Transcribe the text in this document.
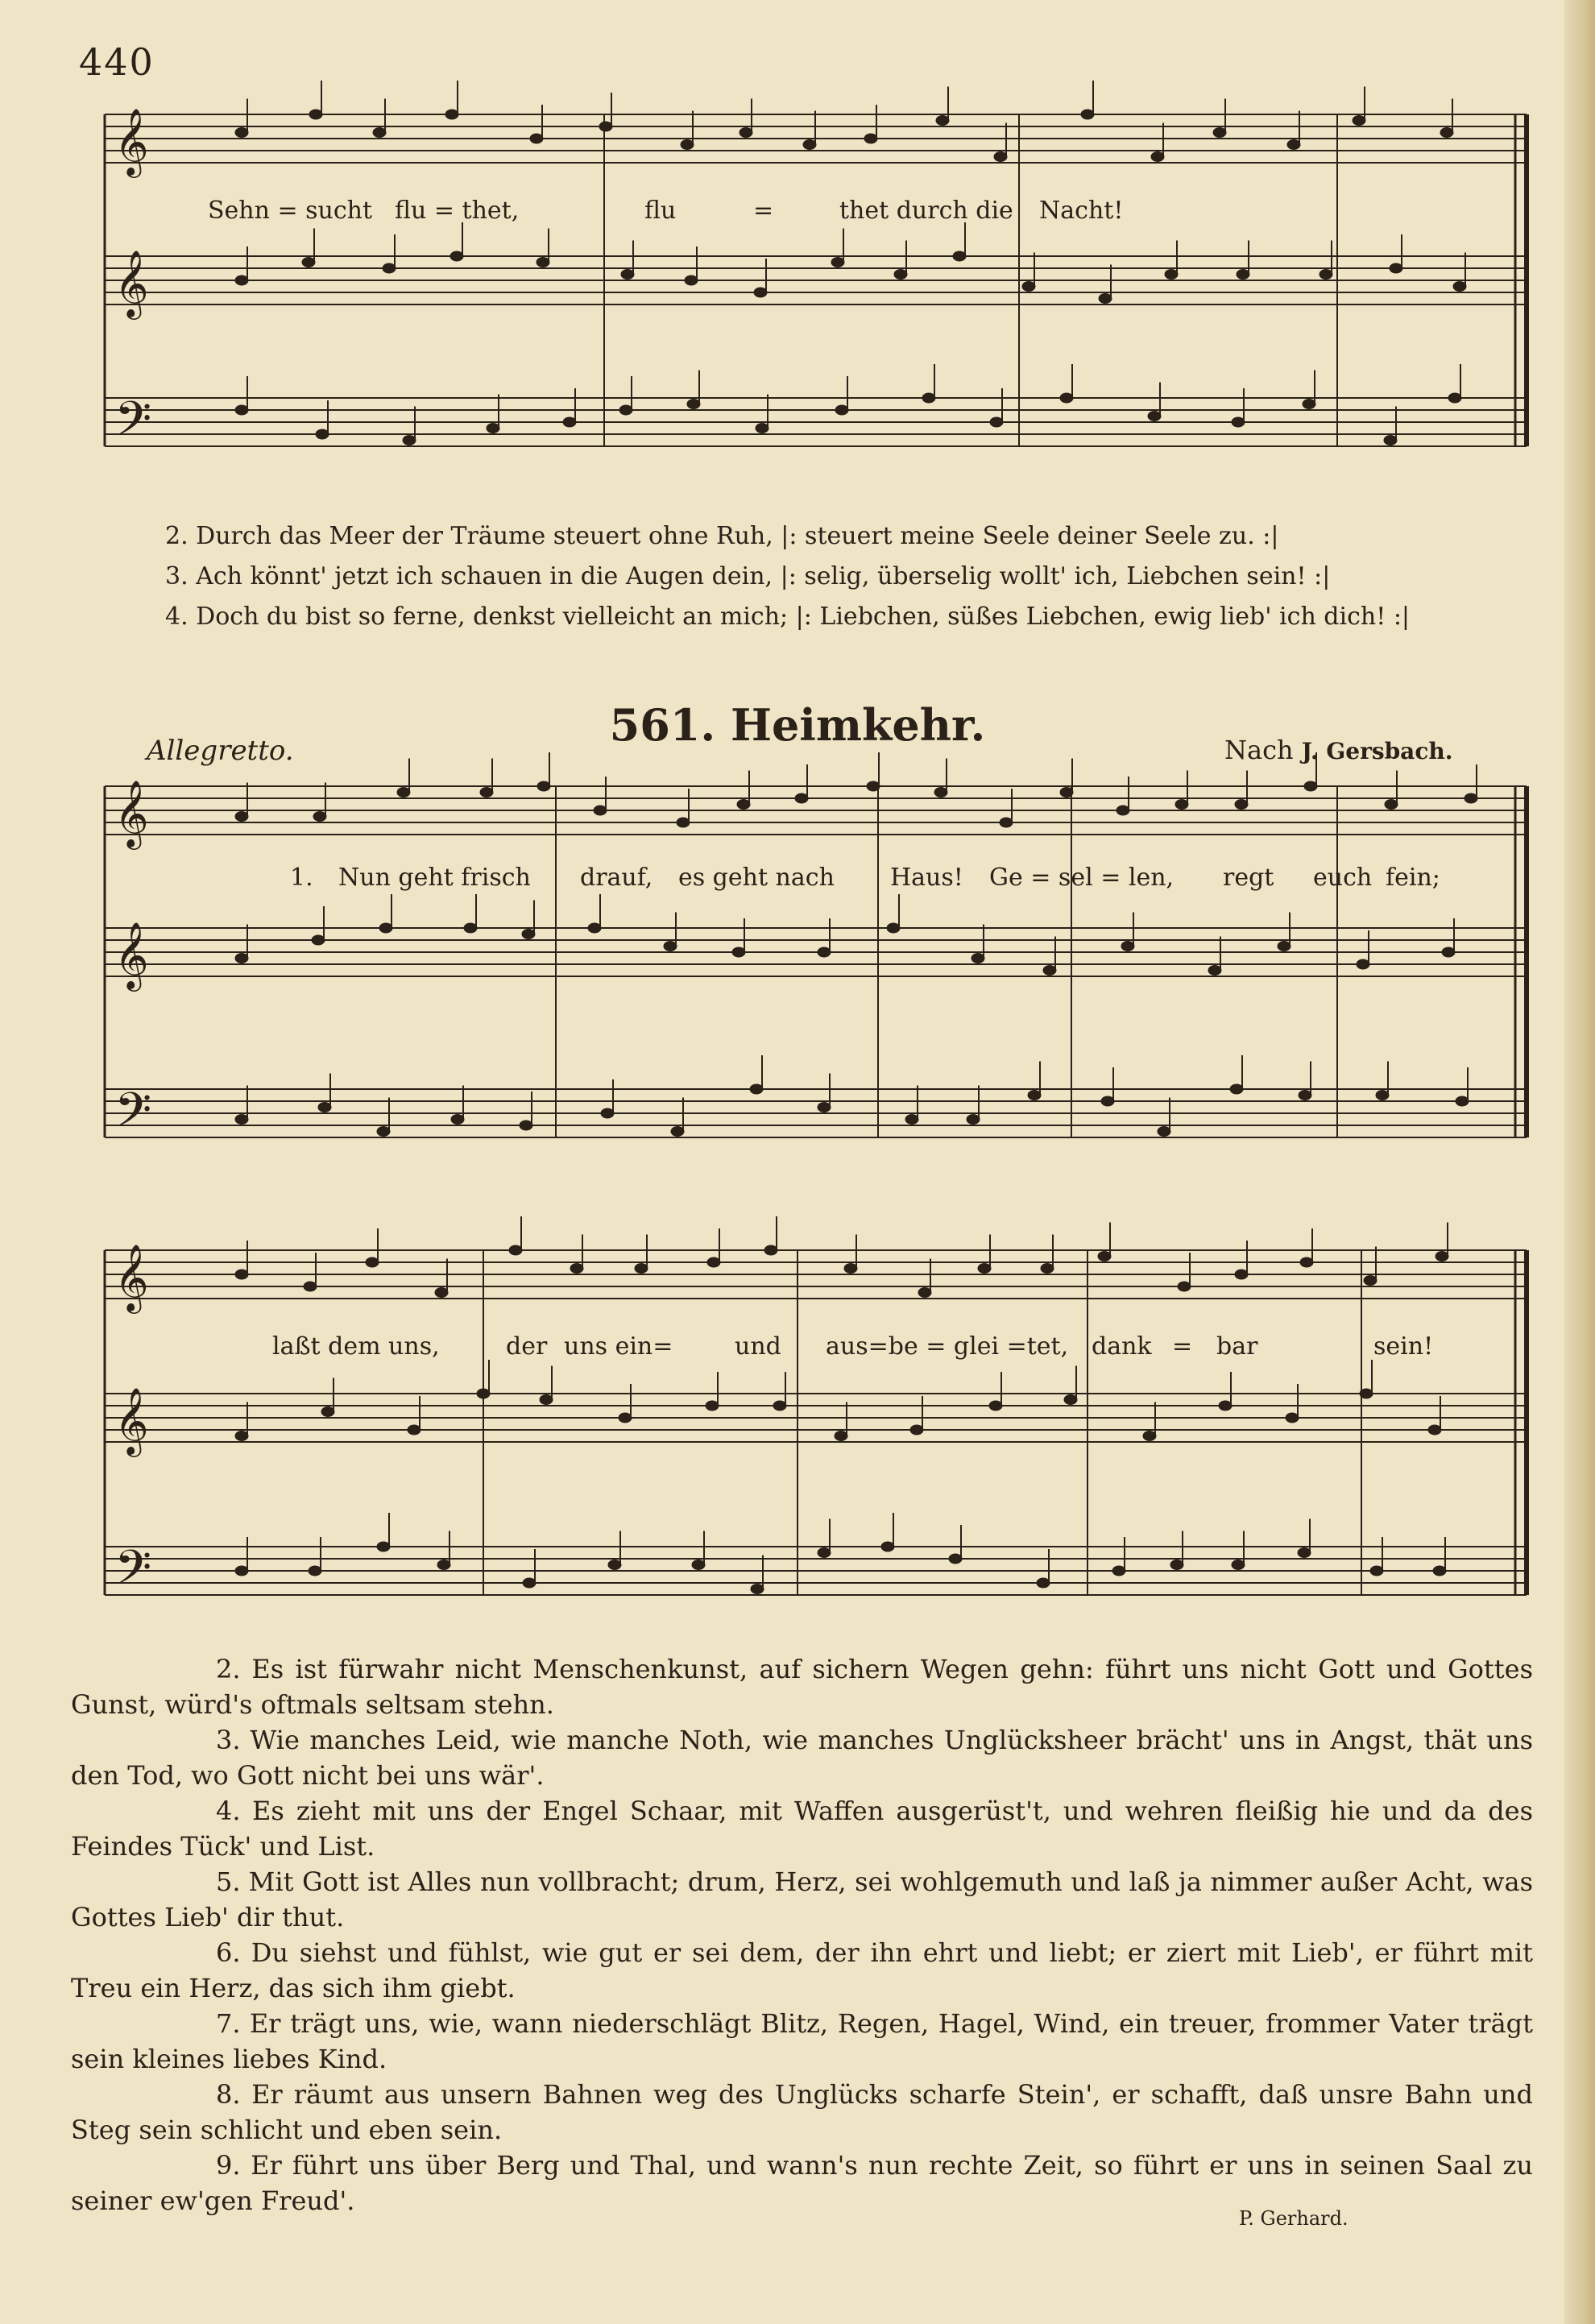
440
𝄞
𝄞
𝄢
𝄞
𝄞
𝄢
𝄞
𝄞
𝄢
Sehn = sucht flu = thet,	flu	=	thet durch die Nacht!
2. Durch das Meer der Träume steuert ohne Ruh, |: steuert meine Seele deiner Seele zu. :|
3. Ach könnt' jetzt ich schauen in die Augen dein, |: selig, überselig wollt' ich, Liebchen sein! :|
4. Doch du bist so ferne, denkst vielleicht an mich; |: Liebchen, süßes Liebchen, ewig lieb' ich dich! :|
561. Heimkehr.
Allegretto.	Nach J. Gersbach.
1. Nun geht frisch drauf, es geht nach Haus! Ge = sel = len, regt euch fein;
laßt dem uns,	der uns ein=	und aus=be = glei =tet, dank = bar	sein!
2. Es ist fürwahr nicht Menschenkunst, auf sichern Wegen gehn: führt uns nicht Gott und Gottes Gunst, würd's oftmals seltsam stehn.
3. Wie manches Leid, wie manche Noth, wie manches Unglücksheer brächt' uns in Angst, thät uns den Tod, wo Gott nicht bei uns wär'.
4. Es zieht mit uns der Engel Schaar, mit Waffen ausgerüst't, und wehren fleißig hie und da des Feindes Tück' und List.
5. Mit Gott ist Alles nun vollbracht; drum, Herz, sei wohlgemuth und laß ja nimmer außer Acht, was Gottes Lieb' dir thut.
6. Du siehst und fühlst, wie gut er sei dem, der ihn ehrt und liebt; er ziert mit Lieb', er führt mit Treu ein Herz, das sich ihm giebt.
7. Er trägt uns, wie, wann niederschlägt Blitz, Regen, Hagel, Wind, ein treuer, frommer Vater trägt sein kleines liebes Kind.
8. Er räumt aus unsern Bahnen weg des Unglücks scharfe Stein', er schafft, daß unsre Bahn und Steg sein schlicht und eben sein.
9. Er führt uns über Berg und Thal, und wann's nun rechte Zeit, so führt er uns in seinen Saal zu seiner ew'gen Freud'.
P. Gerhard.
